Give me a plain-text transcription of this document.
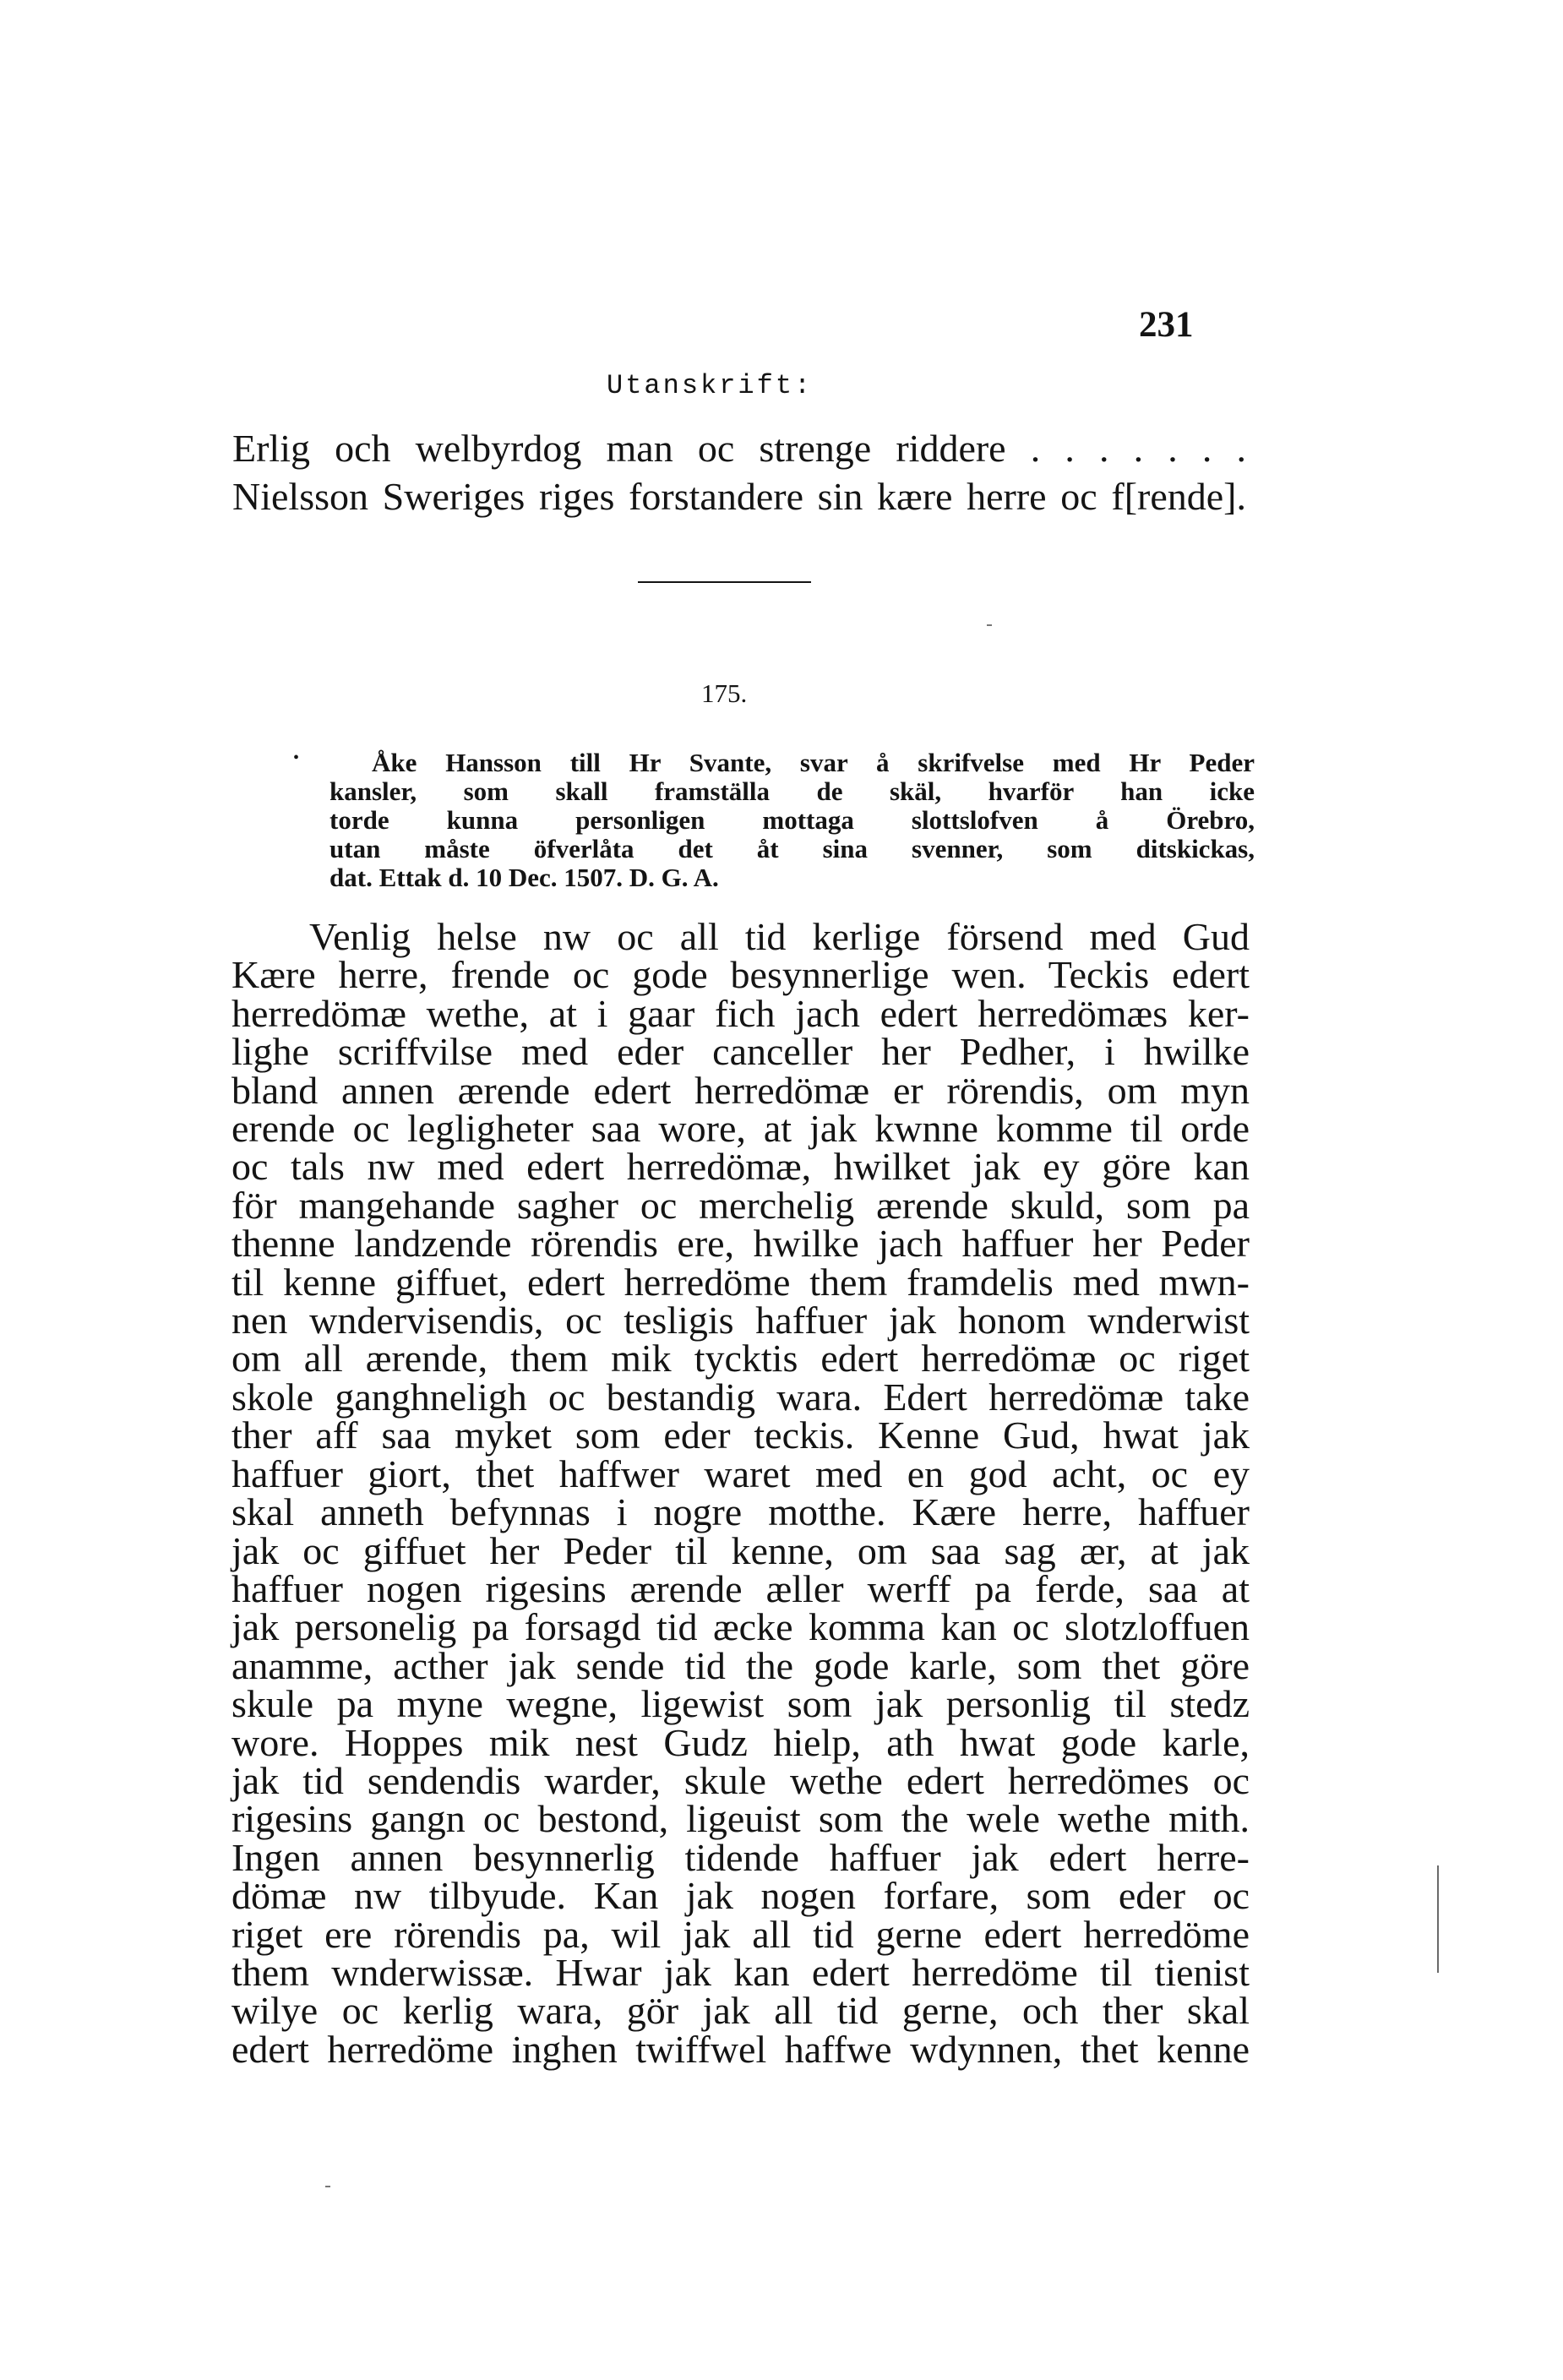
231
Utanskrift:
Erlig och welbyrdog man oc strenge riddere . . . . . . .
Nielsson Sweriges riges forstandere sin kære herre oc f[rende].
175.
•	Åke Hansson till Hr Svante, svar å skrifvelse med Hr Peder
kansler, som skall framställa de skäl, hvarför han icke
torde kunna personligen mottaga slottslofven å Örebro,
utan måste öfverlåta det åt sina svenner, som ditskickas,
dat. Ettak d. 10 Dec. 1507. D. G. A.
Venlig helse nw oc all tid kerlige försend med Gud
Kære herre, frende oc gode besynnerlige wen. Teckis edert
herredömæ wethe, at i gaar fich jach edert herredömæs ker-
lighe scriffvilse med eder canceller her Pedher, i hwilke
bland annen ærende edert herredömæ er rörendis, om myn
erende oc legligheter saa wore, at jak kwnne komme til orde
oc tals nw med edert herredömæ, hwilket jak ey göre kan
för mangehande sagher oc merchelig ærende skuld, som pa
thenne landzende rörendis ere, hwilke jach haffuer her Peder
til kenne giffuet, edert herredöme them framdelis med mwn-
nen wndervisendis, oc tesligis haffuer jak honom wnderwist
om all ærende, them mik tycktis edert herredömæ oc riget
skole ganghneligh oc bestandig wara. Edert herredömæ take
ther aff saa myket som eder teckis. Kenne Gud, hwat jak
haffuer giort, thet haffwer waret med en god acht, oc ey
skal anneth befynnas i nogre motthe. Kære herre, haffuer
jak oc giffuet her Peder til kenne, om saa sag ær, at jak
haffuer nogen rigesins ærende æller werff pa ferde, saa at
jak personelig pa forsagd tid æcke komma kan oc slotzloffuen
anamme, acther jak sende tid the gode karle, som thet göre
skule pa myne wegne, ligewist som jak personlig til stedz
wore. Hoppes mik nest Gudz hielp, ath hwat gode karle,
jak tid sendendis warder, skule wethe edert herredömes oc
rigesins gangn oc bestond, ligeuist som the wele wethe mith.
Ingen annen besynnerlig tidende haffuer jak edert herre-
dömæ nw tilbyude. Kan jak nogen forfare, som eder oc
riget ere rörendis pa, wil jak all tid gerne edert herredöme
them wnderwissæ. Hwar jak kan edert herredöme til tienist
wilye oc kerlig wara, gör jak all tid gerne, och ther skal
edert herredöme inghen twiffwel haffwe wdynnen, thet kenne
